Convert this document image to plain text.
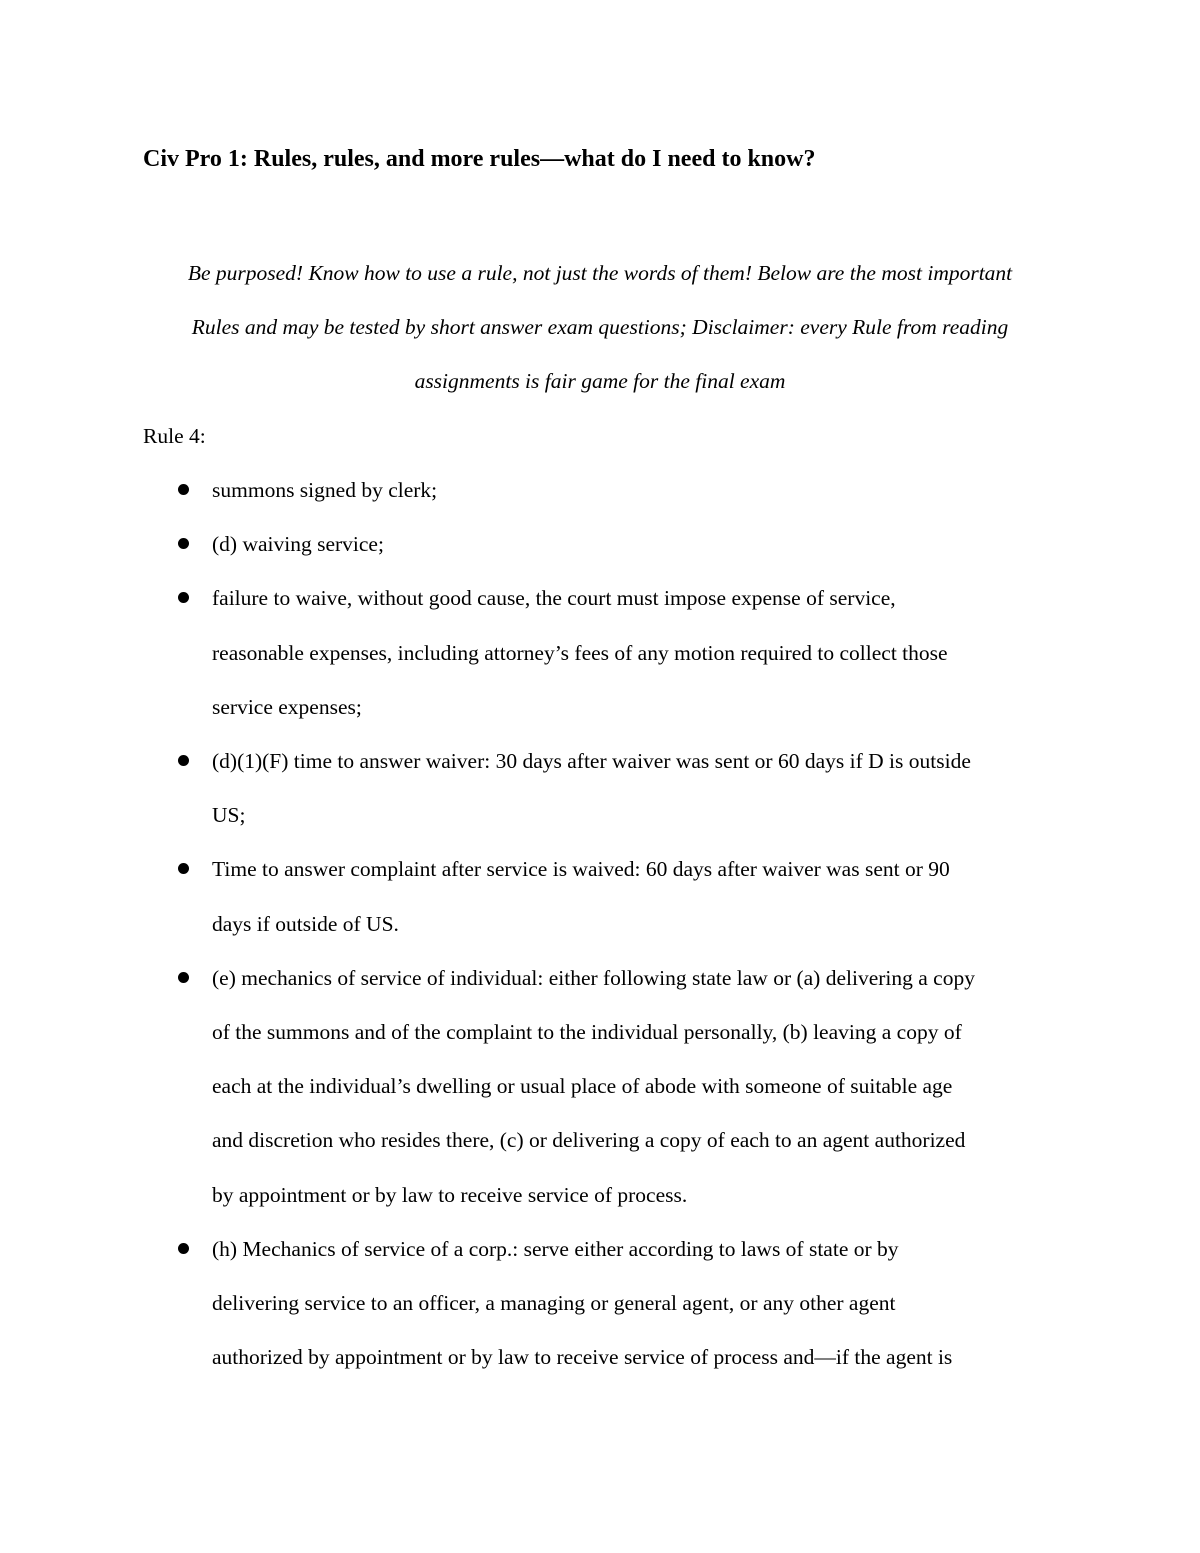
Civ Pro 1: Rules, rules, and more rules—what do I need to know?
Be purposed! Know how to use a rule, not just the words of them! Below are the most important
Rules and may be tested by short answer exam questions; Disclaimer: every Rule from reading
assignments is fair game for the final exam
Rule 4:
summons signed by clerk;
(d) waiving service;
failure to waive, without good cause, the court must impose expense of service,
reasonable expenses, including attorney’s fees of any motion required to collect those
service expenses;
(d)(1)(F) time to answer waiver: 30 days after waiver was sent or 60 days if D is outside
US;
Time to answer complaint after service is waived: 60 days after waiver was sent or 90
days if outside of US.
(e) mechanics of service of individual: either following state law or (a) delivering a copy
of the summons and of the complaint to the individual personally, (b) leaving a copy of
each at the individual’s dwelling or usual place of abode with someone of suitable age
and discretion who resides there, (c) or delivering a copy of each to an agent authorized
by appointment or by law to receive service of process.
(h) Mechanics of service of a corp.: serve either according to laws of state or by
delivering service to an officer, a managing or general agent, or any other agent
authorized by appointment or by law to receive service of process and—if the agent is
